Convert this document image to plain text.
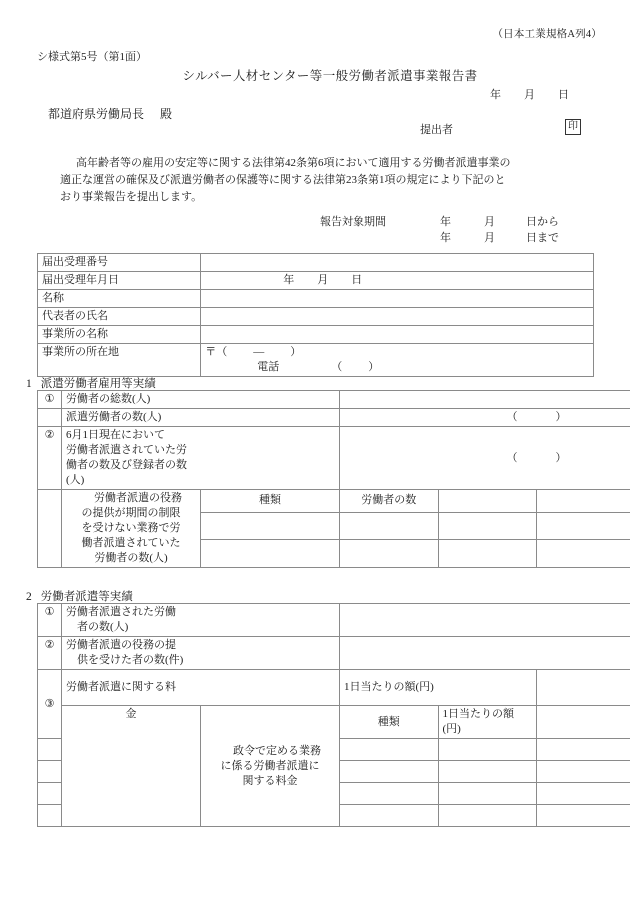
（日本工業規格A列4）
シ様式第5号（第1面）
シルバー人材センター等一般労働者派遣事業報告書
年 月 日
都道府県労働局長 殿
提出者	印

高年齢者等の雇用の安定等に関する法律第42条第6項において適用する労働者派遣事業の

適正な運営の確保及び派遣労働者の保護等に関する法律第23条第1項の規定により下記のと

おり事業報告を提出します。

報告対象期間	年	月	日から
年	月	日まで
届出受理番号	
届出受理年月日	年 月 日
名称	
代表者の氏名	
事業所の名称	
事業所の所在地	〒（ — ）
電話 （ ）
1 派遣労働者雇用等実績
①	労働者の総数(人)				
	派遣労働者の数(人)		（ ）		
②	6月1日現在において
労働者派遣されていた労
働者の数及び登録者の数
(人)		（ ）		

	労働者派遣の役務
の提供が期間の制限
を受けない業務で労
働者派遣されていた
労働者の数(人)	種類	労働者の数		

2 労働者派遣等実績
①	労働者派遣された労働
者の数(人)					
②	労働者派遣の役務の提
供を受けた者の数(件)					

③	労働者派遣に関する料		1日当たりの額(円)			
	金	政令で定める業務
に係る労働者派遣に
関する料金	種類	1日当たりの額(円)		
